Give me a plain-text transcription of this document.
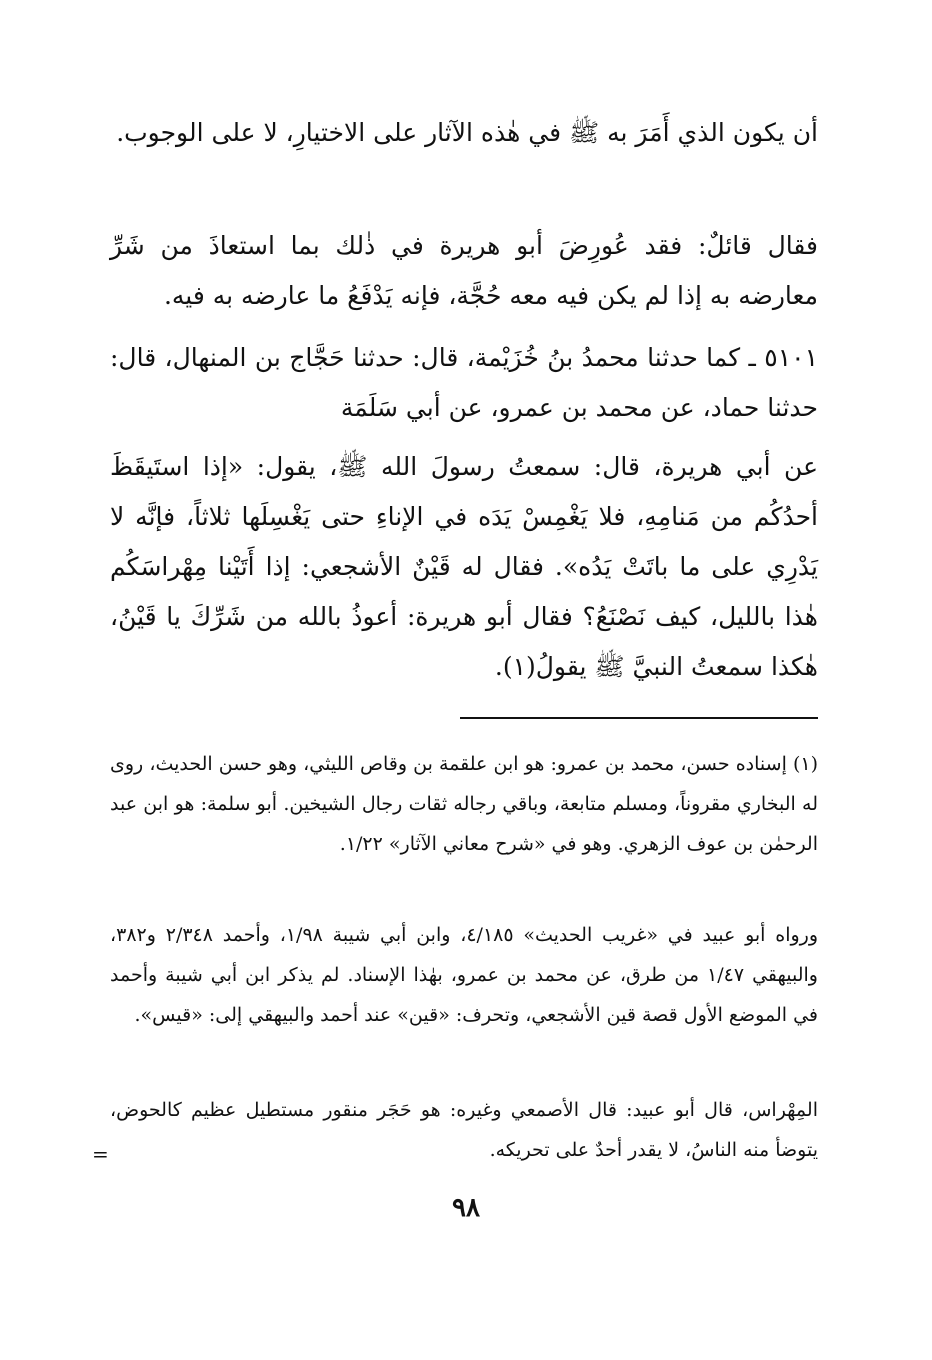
أن يكون الذي أَمَرَ به ﷺ في هٰذه الآثار على الاختيارِ، لا على الوجوب.

فقال قائلٌ: فقد عُورِضَ أبو هريرة في ذٰلك بما استعاذَ من شَرِّ معارضه به إذا لم يكن فيه معه حُجَّة، فإنه يَدْفَعُ ما عارضه به فيه.

٥١٠١ ـ كما حدثنا محمدُ بنُ خُزَيْمة، قال: حدثنا حَجَّاج بن المنهال، قال: حدثنا حماد، عن محمد بن عمرو، عن أبي سَلَمَة

عن أبي هريرة، قال: سمعتُ رسولَ الله ﷺ، يقول: «إذا استَيقَظَ أحدُكُم من مَنامِهِ، فلا يَغْمِسْ يَدَه في الإناءِ حتى يَغْسِلَها ثلاثاً، فإنَّه لا يَدْرِي على ما باتَتْ يَدُه». فقال له قَيْنٌ الأشجعي: إذا أَتَيْنا مِهْراسَكُم هٰذا بالليل، كيف نَصْنَعُ؟ فقال أبو هريرة: أعوذُ بالله من شَرِّكَ يا قَيْنُ، هٰكذا سمعتُ النبيَّ ﷺ يقولُ(١).

(١) إسناده حسن، محمد بن عمرو: هو ابن علقمة بن وقاص الليثي، وهو حسن الحديث، روى له البخاري مقروناً، ومسلم متابعة، وباقي رجاله ثقات رجال الشيخين. أبو سلمة: هو ابن عبد الرحمٰن بن عوف الزهري. وهو في «شرح معاني الآثار» ١/٢٢.

ورواه أبو عبيد في «غريب الحديث» ٤/١٨٥، وابن أبي شيبة ١/٩٨، وأحمد ٢/٣٤٨ و٣٨٢، والبيهقي ١/٤٧ من طرق، عن محمد بن عمرو، بهٰذا الإسناد. لم يذكر ابن أبي شيبة وأحمد في الموضع الأول قصة قين الأشجعي، وتحرف: «قين» عند أحمد والبيهقي إلى: «قيس».

المِهْراس، قال أبو عبيد: قال الأصمعي وغيره: هو حَجَر منقور مستطيل عظيم كالحوض، يتوضأ منه الناسُ، لا يقدر أحدٌ على تحريكه.

=
٩٨
